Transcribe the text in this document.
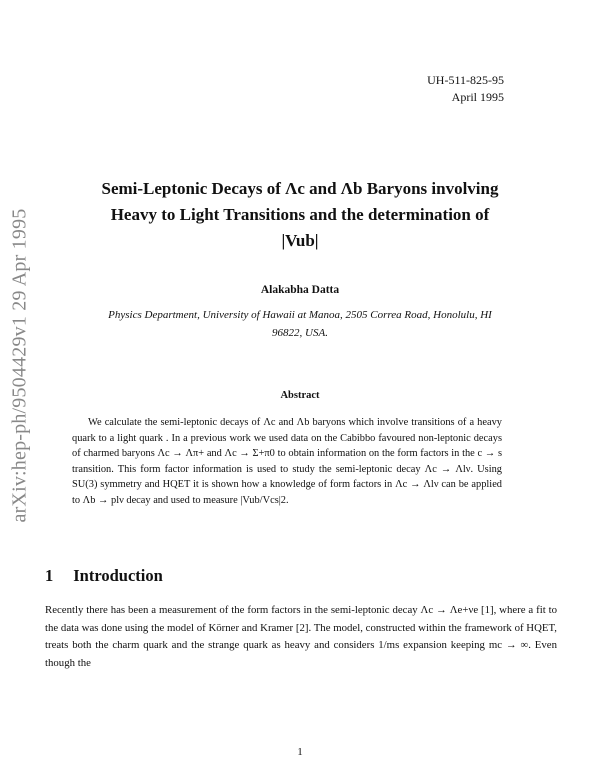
arXiv:hep-ph/9504429v1 29 Apr 1995
UH-511-825-95
April 1995
Semi-Leptonic Decays of Λc and Λb Baryons involving
Heavy to Light Transitions and the determination of
|Vub|
Alakabha Datta
Physics Department, University of Hawaii at Manoa, 2505 Correa Road, Honolulu, HI
96822, USA.
Abstract
We calculate the semi-leptonic decays of Λc and Λb baryons which involve transitions of a heavy quark to a light quark . In a previous work we used data on the Cabibbo favoured non-leptonic decays of charmed baryons Λc → Λπ+ and Λc → Σ+π0 to obtain information on the form factors in the c → s transition. This form factor information is used to study the semi-leptonic decay Λc → Λlν. Using SU(3) symmetry and HQET it is shown how a knowledge of form factors in Λc → Λlν can be applied to Λb → plν decay and used to measure |Vub/Vcs|2.
1 Introduction
Recently there has been a measurement of the form factors in the semi-leptonic decay Λc → Λe+νe [1], where a fit to the data was done using the model of Körner and Kramer [2]. The model, constructed within the framework of HQET, treats both the charm quark and the strange quark as heavy and considers 1/ms expansion keeping mc → ∞. Even though the
1
